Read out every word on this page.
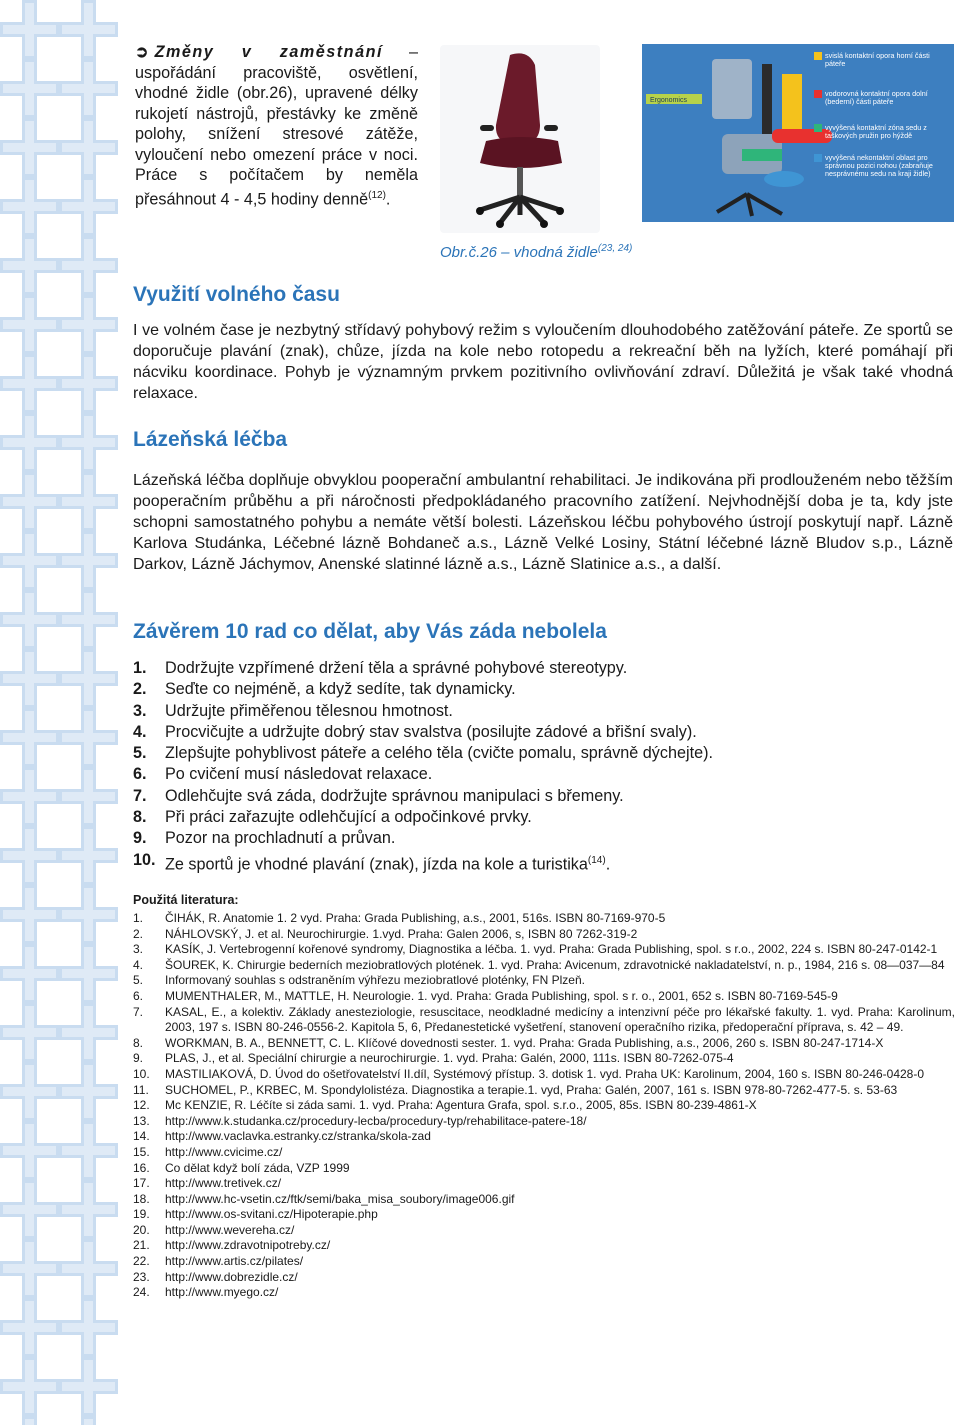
➲ Změny v zaměstnání – uspořádání pracoviště, osvětlení, vhodné židle (obr.26), upravené délky rukojetí nástrojů, přestávky ke změně polohy, snížení stresové zátěže, vyloučení nebo omezení práce v noci. Práce s počítačem by neměla přesáhnout 4 - 4,5 hodiny denně$^{(12)}$.

Ergonomics
svislá kontaktní opora horní části páteře
vodorovná kontaktní opora dolní (bederní) části páteře
vyvýšená kontaktní zóna sedu z taškových pružin pro hýždě
vyvýšená nekontaktní oblast pro správnou pozici nohou (zabraňuje nesprávnému sedu na kraji židle)
Obr.č.26 – vhodná židle$^{(23, 24)}$
Využití volného času

I ve volném čase je nezbytný střídavý pohybový režim s vyloučením dlouhodobého zatěžování páteře. Ze sportů se doporučuje plavání (znak), chůze, jízda na kole nebo rotopedu a rekreační běh na lyžích, které pomáhají při nácviku koordinace. Pohyb je významným prvkem pozitivního ovlivňování zdraví. Důležitá je však také vhodná relaxace.

Lázeňská léčba

Lázeňská léčba doplňuje obvyklou pooperační ambulantní rehabilitaci. Je indikována při prodlouženém nebo těžším pooperačním průběhu a při náročnosti předpokládaného pracovního zatížení. Nejvhodnější doba je ta, kdy jste schopni samostatného pohybu a nemáte větší bolesti. Lázeňskou léčbu pohybového ústrojí poskytují např. Lázně Karlova Studánka, Léčebné lázně Bohdaneč a.s., Lázně Velké Losiny, Státní léčebné lázně Bludov s.p., Lázně Darkov, Lázně Jáchymov, Anenské slatinné lázně a.s., Lázně Slatinice a.s., a další.

Závěrem 10 rad co dělat, aby Vás záda nebolela
1.	Dodržujte vzpřímené držení těla a správné pohybové stereotypy.
2.	Seďte co nejméně, a když sedíte, tak dynamicky.
3.	Udržujte přiměřenou tělesnou hmotnost.
4.	Procvičujte a udržujte dobrý stav svalstva (posilujte zádové a břišní svaly).
5.	Zlepšujte pohyblivost páteře a celého těla (cvičte pomalu, správně dýchejte).
6.	Po cvičení musí následovat relaxace.
7.	Odlehčujte svá záda, dodržujte správnou manipulaci s břemeny.
8.	Při práci zařazujte odlehčující a odpočinkové prvky.
9.	Pozor na prochladnutí a průvan.
10. Ze sportů je vhodné plavání (znak), jízda na kole a turistika$^{(14)}$.
Použitá literatura:
1.	ČIHÁK, R. Anatomie 1. 2 vyd. Praha: Grada Publishing, a.s., 2001, 516s. ISBN 80-7169-970-5
2.	NÁHLOVSKÝ, J. et al. Neurochirurgie. 1.vyd. Praha: Galen 2006, s, ISBN 80 7262-319-2
3.	KASÍK, J. Vertebrogenní kořenové syndromy, Diagnostika a léčba. 1. vyd. Praha: Grada Publishing, spol. s r.o., 2002, 224 s. ISBN 80-247-0142-1
4.	ŠOUREK, K. Chirurgie bederních meziobratlových plotének. 1. vyd. Praha: Avicenum, zdravotnické nakladatelství, n. p., 1984, 216 s. 08—037—84
5.	Informovaný souhlas s odstraněním výhřezu meziobratlové ploténky, FN Plzeň.
6.	MUMENTHALER, M., MATTLE, H. Neurologie. 1. vyd. Praha: Grada Publishing, spol. s r. o., 2001, 652 s. ISBN 80-7169-545-9
7.	KASAL, E., a kolektiv. Základy anesteziologie, resuscitace, neodkladné medicíny a intenzivní péče pro lékařské fakulty. 1. vyd. Praha: Karolinum, 2003, 197 s. ISBN 80-246-0556-2. Kapitola 5, 6, Předanestetické vyšetření, stanovení operačního rizika, předoperační příprava, s. 42 – 49.
8.	WORKMAN, B. A., BENNETT, C. L. Klíčové dovednosti sester. 1. vyd. Praha: Grada Publishing, a.s., 2006, 260 s. ISBN 80-247-1714-X
9.	PLAS, J., et al. Speciální chirurgie a neurochirurgie. 1. vyd. Praha: Galén, 2000, 111s. ISBN 80-7262-075-4
10.	MASTILIAKOVÁ, D. Úvod do ošetřovatelství II.díl, Systémový přístup. 3. dotisk 1. vyd. Praha UK: Karolinum, 2004, 160 s. ISBN 80-246-0428-0
11.	SUCHOMEL, P., KRBEC, M. Spondylolistéza. Diagnostika a terapie.1. vyd, Praha: Galén, 2007, 161 s. ISBN 978-80-7262-477-5. s. 53-63
12.	Mc KENZIE, R. Léčíte si záda sami. 1. vyd. Praha: Agentura Grafa, spol. s.r.o., 2005, 85s. ISBN 80-239-4861-X
13.	http://www.k.studanka.cz/procedury-lecba/procedury-typ/rehabilitace-patere-18/
14.	http://www.vaclavka.estranky.cz/stranka/skola-zad
15.	http://www.cvicime.cz/
16.	Co dělat když bolí záda, VZP 1999
17.	http://www.tretivek.cz/
18.	http://www.hc-vsetin.cz/ftk/semi/baka_misa_soubory/image006.gif
19.	http://www.os-svitani.cz/Hipoterapie.php
20.	http://www.wevereha.cz/
21.	http://www.zdravotnipotreby.cz/
22.	http://www.artis.cz/pilates/
23.	http://www.dobrezidle.cz/
24.	http://www.myego.cz/
